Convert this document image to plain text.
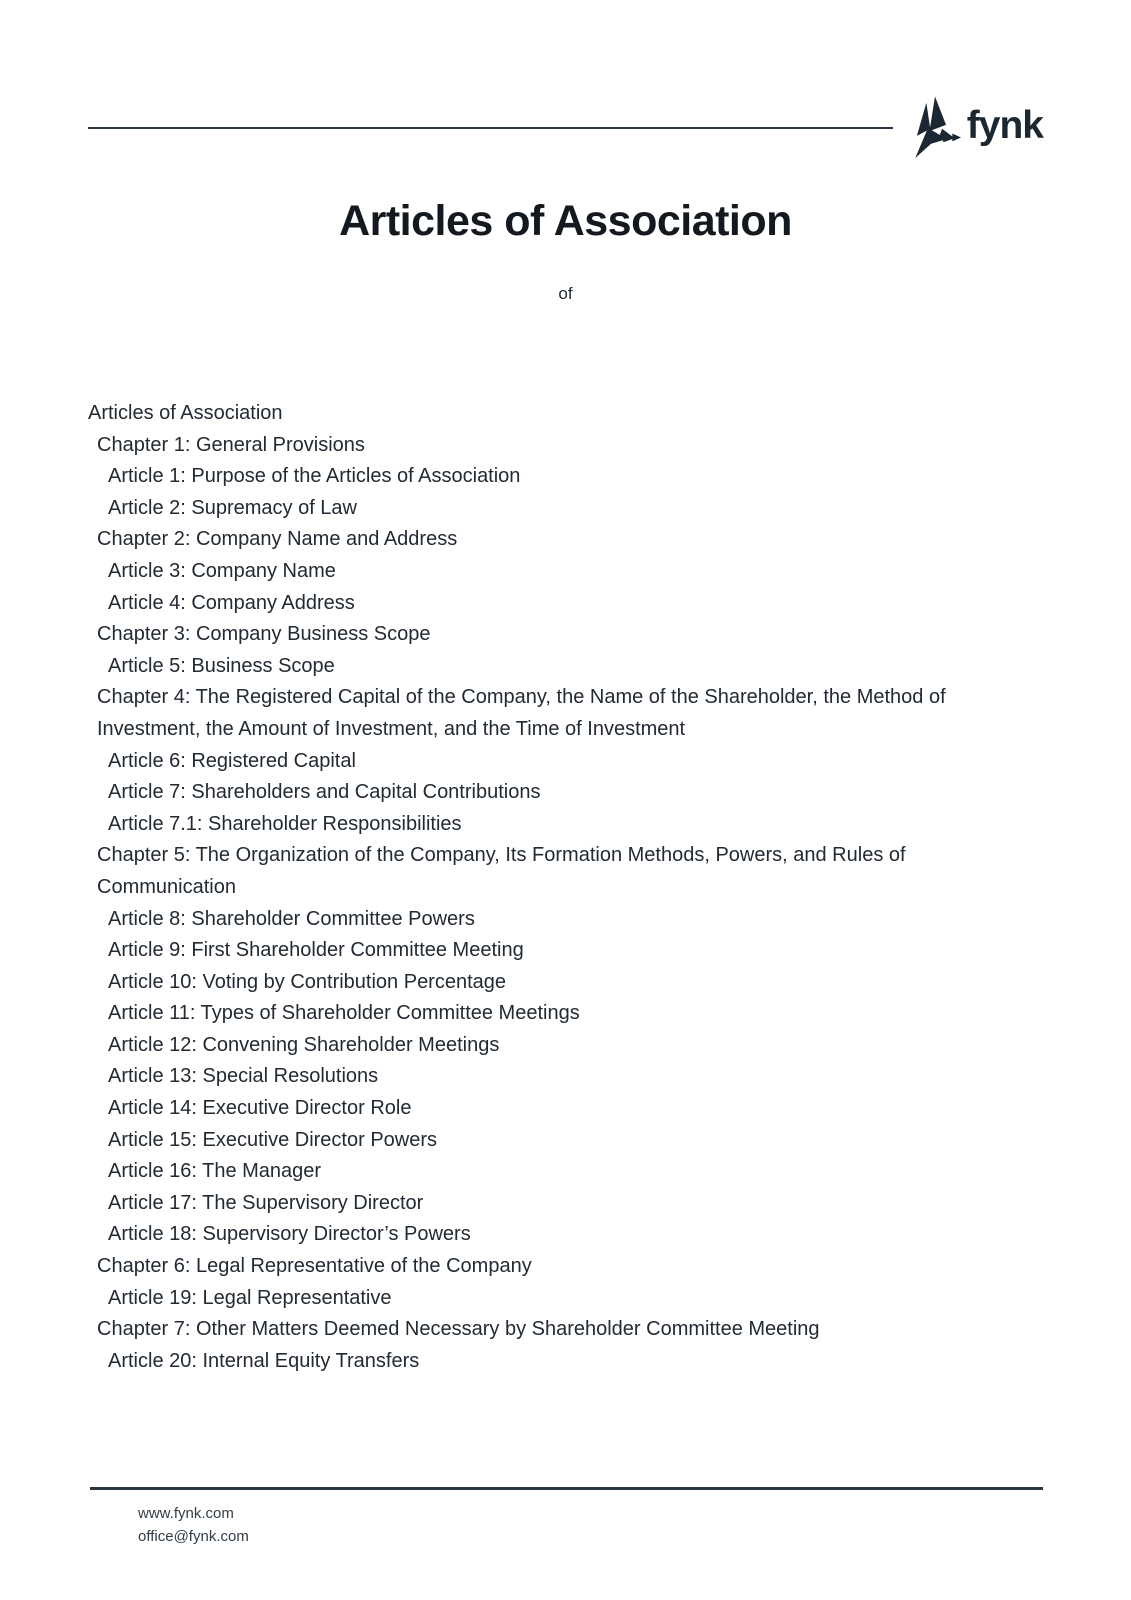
fynk
Articles of Association
of
Articles of Association
Chapter 1: General Provisions
Article 1: Purpose of the Articles of Association
Article 2: Supremacy of Law
Chapter 2: Company Name and Address
Article 3: Company Name
Article 4: Company Address
Chapter 3: Company Business Scope
Article 5: Business Scope
Chapter 4: The Registered Capital of the Company, the Name of the Shareholder, the Method of Investment, the Amount of Investment, and the Time of Investment
Article 6: Registered Capital
Article 7: Shareholders and Capital Contributions
Article 7.1: Shareholder Responsibilities
Chapter 5: The Organization of the Company, Its Formation Methods, Powers, and Rules of Communication
Article 8: Shareholder Committee Powers
Article 9: First Shareholder Committee Meeting
Article 10: Voting by Contribution Percentage
Article 11: Types of Shareholder Committee Meetings
Article 12: Convening Shareholder Meetings
Article 13: Special Resolutions
Article 14: Executive Director Role
Article 15: Executive Director Powers
Article 16: The Manager
Article 17: The Supervisory Director
Article 18: Supervisory Director’s Powers
Chapter 6: Legal Representative of the Company
Article 19: Legal Representative
Chapter 7: Other Matters Deemed Necessary by Shareholder Committee Meeting
Article 20: Internal Equity Transfers
www.fynk.com
office@fynk.com
